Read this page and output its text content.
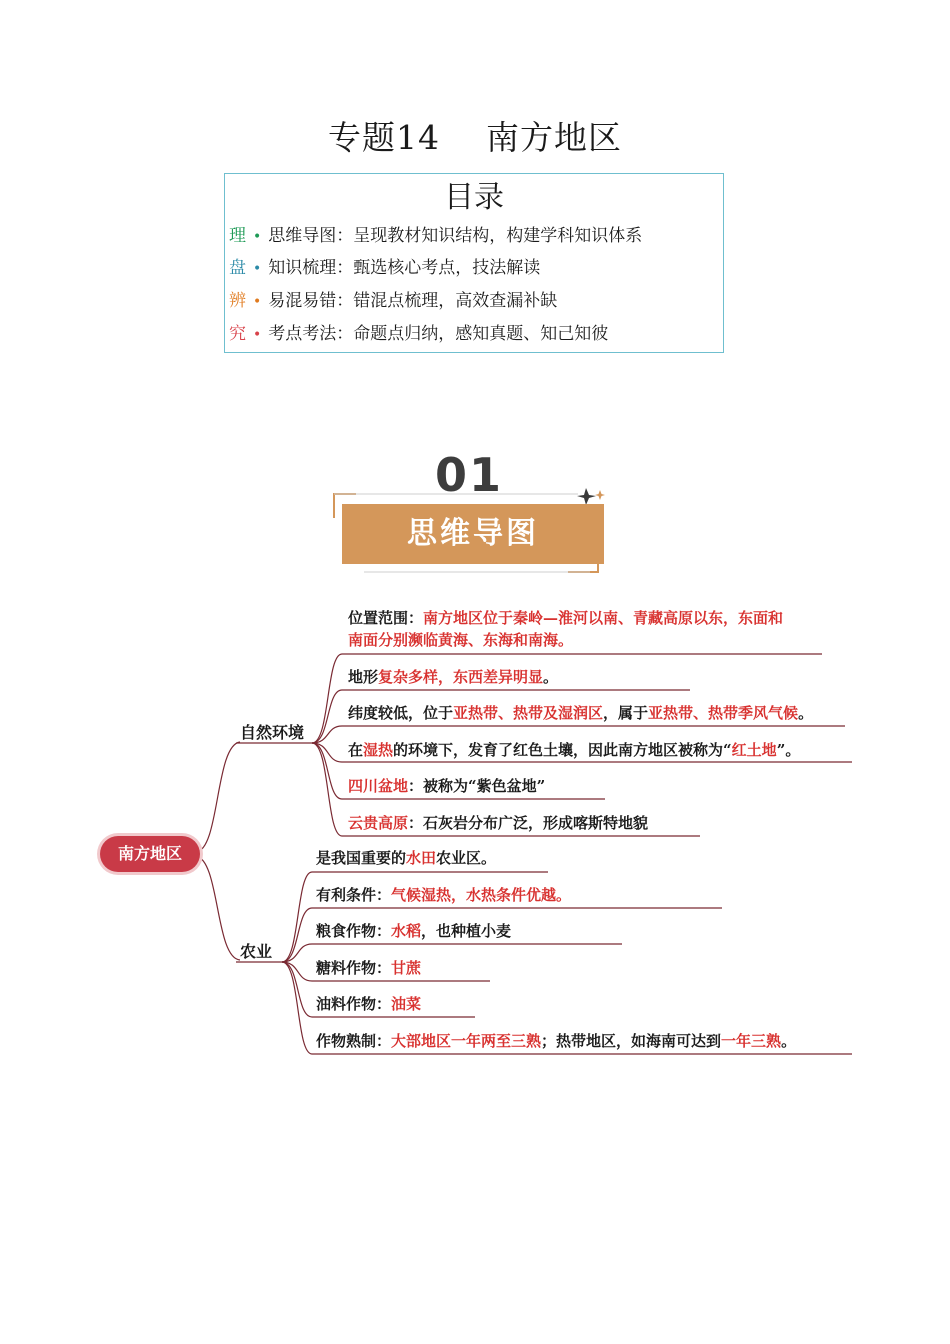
专题14    南方地区
目录
理 • 思维导图：呈现教材知识结构，构建学科知识体系
盘 • 知识梳理：甄选核心考点，技法解读
辨 • 易混易错：错混点梳理，高效查漏补缺
究 • 考点考法：命题点归纳，感知真题、知己知彼
01
思维导图
南方地区
自然环境
农业
位置范围：南方地区位于秦岭—淮河以南、青藏高原以东，东面和
南面分别濒临黄海、东海和南海。
地形复杂多样，东西差异明显。
纬度较低，位于亚热带、热带及湿润区，属于亚热带、热带季风气候。
在湿热的环境下，发育了红色土壤，因此南方地区被称为“红土地”。
四川盆地：被称为“紫色盆地”
云贵高原：石灰岩分布广泛，形成喀斯特地貌
是我国重要的水田农业区。
有利条件：气候湿热，水热条件优越。
粮食作物：水稻，也种植小麦
糖料作物：甘蔗
油料作物：油菜
作物熟制：大部地区一年两至三熟；热带地区，如海南可达到一年三熟。
